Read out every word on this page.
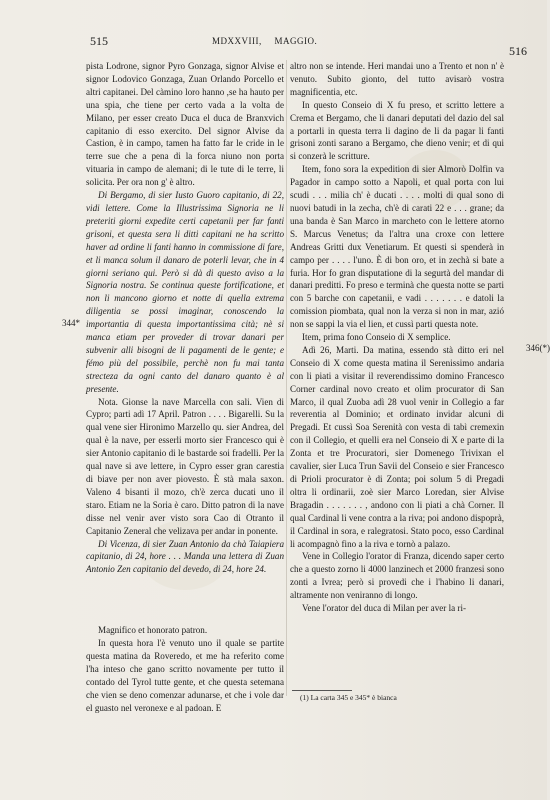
515	MDXXVIII, MAGGIO.
516
344*
346(*)

pista Lodrone, signor Pyro Gonzaga, signor Alvise et signor Lodovico Gonzaga, Zuan Orlando Porcello et altri capitanei. Del càmino loro hanno ,se ha hauto per una spia, che tiene per certo vada a la volta de Milano, per esser creato Duca el duca de Branxvich capitanio di esso exercito. Del signor Alvise da Castion, è in campo, tamen ha fatto far le cride in le terre sue che a pena di la forca niuno non porta vituaria in campo de alemani; di le tute di le terre, li solicita. Per ora non g' è altro.

Di Bergamo, di sier Iusto Guoro capitanio, di 22, vidi lettere. Come la Illustrissima Signoria ne li preteriti giorni expedite certi capetanii per far fanti grisoni, et questa sera li ditti capitani ne ha scritto haver ad ordine li fanti hanno in commissione di fare, et li manca solum il danaro de poterli levar, che in 4 giorni seriano qui. Però si dà di questo aviso a la Signoria nostra. Se continua queste fortificatione, et non li mancono giorno et notte di quella extrema diligentia se possi imaginar, conoscendo la importantia di questa importantissima cità; nè si manca etiam per proveder di trovar danari per subvenir alli bisogni de li pagamenti de le gente; e fémo più del possibile, perchè non fu mai tanta strecteza da ogni canto del danaro quanto è al presente.

Nota. Gionse la nave Marcella con sali. Vien di Cypro; parti adì 17 April. Patron . . . . Bigarelli. Su la qual vene sier Hironimo Marzello qu. sier Andrea, del qual è la nave, per esserli morto sier Francesco qui è sier Antonio capitanio di le bastarde soi fradelli. Per la qual nave si ave lettere, in Cypro esser gran carestia di biave per non aver piovesto. È stà mala saxon. Valeno 4 bisanti il mozo, ch'è zerca ducati uno il staro. Etiam ne la Soria è caro. Ditto patron di la nave disse nel venir aver visto sora Cao di Otranto il Capitanio Zeneral che velizava per andar in ponente.

Di Vicenza, di sier Zuan Antonio da chà Taiapiera capitanio, di 24, hore . . . Manda una lettera di Zuan Antonio Zen capitanio del devedo, di 24, hore 24.

Magnifico et honorato patron.

In questa hora l'è venuto uno il quale se partite questa matina da Roveredo, et me ha referito come l'ha inteso che gano scritto novamente per tutto il contado del Tyrol tutte gente, et che questa setemana che vien se deno comenzar adunarse, et che i vole dar el guasto nel veronexe e al padoan. E

altro non se intende. Heri mandai uno a Trento et non n' è venuto. Subito gionto, del tutto avisarò vostra magnificentia, etc.

In questo Conseio di X fu preso, et scritto lettere a Crema et Bergamo, che li danari deputati del dazio del sal a portarli in questa terra li dagino de li da pagar li fanti grisoni zonti sarano a Bergamo, che dieno venir; et di qui si conzerà le scritture.

Item, fono sora la expedition di sier Almorò Dolfin va Pagador in campo sotto a Napoli, et qual porta con lui scudi . . . milia ch' è ducati . . . . molti di qual sono di nuovi batudi in la zecha, ch'è di carati 22 e . . . grane; da una banda è San Marco in marcheto con le lettere atorno S. Marcus Venetus; da l'altra una croxe con lettere Andreas Gritti dux Venetiarum. Et questi si spenderà in campo per . . . . l'uno. È di bon oro, et in zechà si bate a furia. Hor fo gran disputatione di la segurtà del mandar di danari preditti. Fo preso e terminà che questa notte se parti con 5 barche con capetanii, e vadi . . . . . . . e datoli la comission piombata, qual non la verza si non in mar, azió non se sappi la via el lien, et cussì parti questa note.

Item, prima fono Conseio di X semplice.

Adì 26, Marti. Da matina, essendo stà ditto eri nel Conseio di X come questa matina il Serenissimo andaria con li piati a visitar il reverendissimo domino Francesco Corner cardinal novo creato et olim procurator di San Marco, il qual Zuoba adì 28 vuol venir in Collegio a far reverentia al Dominio; et ordinato invidar alcuni di Pregadi. Et cussì Soa Serenità con vesta di tabì cremexin con il Collegio, et quelli era nel Conseio di X e parte di la Zonta et tre Procuratori, sier Domenego Trivixan el cavalier, sier Luca Trun Savii del Conseio e sier Francesco di Prioli procurator è di Zonta; poi solum 5 di Pregadi oltra li ordinarii, zoè sier Marco Loredan, sier Alvise Bragadin . . . . . . . , andono con li piati a chà Corner. Il qual Cardinal li vene contra a la riva; poi andono dispoprà, il Cardinal in sora, e ralegratosi. Stato poco, esso Cardinal li acompagnò fino a la riva e tornò a palazo.

Vene in Collegio l'orator di Franza, dicendo saper certo che a questo zorno li 4000 lanzinech et 2000 franzesi sono zonti a Ivrea; però si provedi che i l'habino li danari, altramente non veniranno di longo.

Vene l'orator del duca di Milan per aver la ri-

(1) La carta 345 e 345* è bianca
